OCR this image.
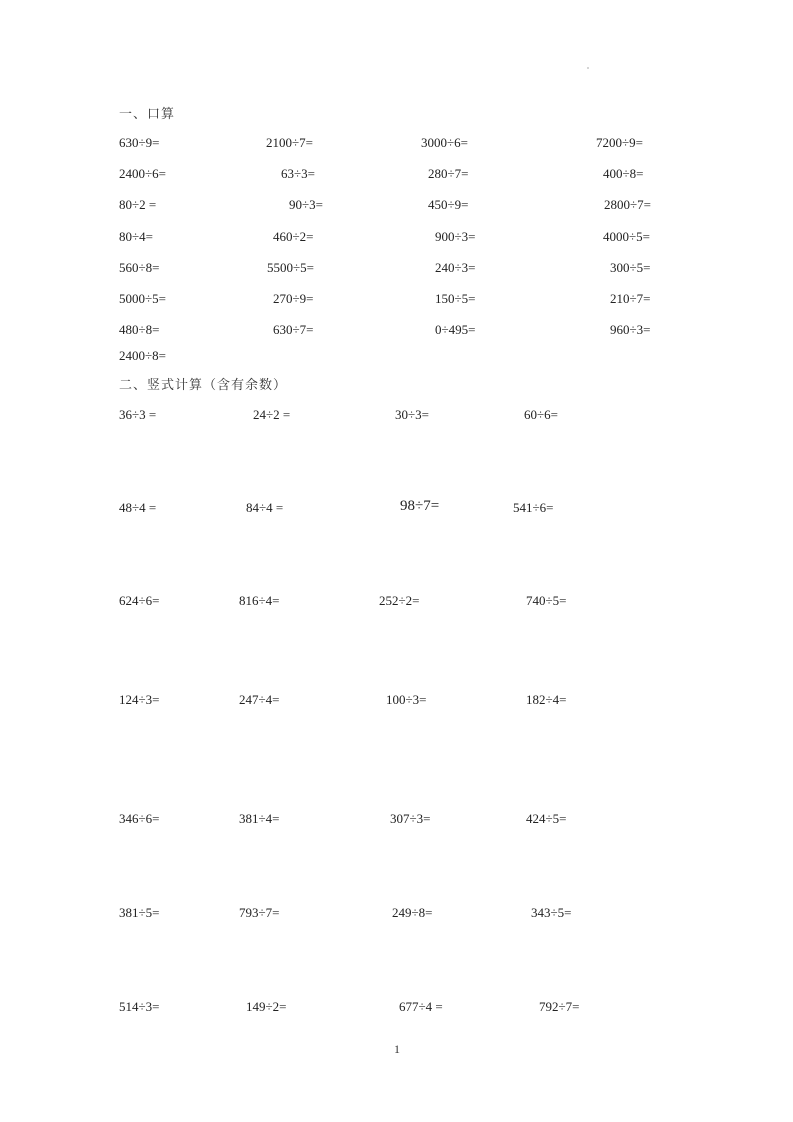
一、口算
630÷9=	2100÷7=	3000÷6=	7200÷9=
2400÷6=	63÷3=	280÷7=	400÷8=
80÷2 =	90÷3=	450÷9=	2800÷7=
80÷4=	460÷2=	900÷3=	4000÷5=
560÷8=	5500÷5=	240÷3=	300÷5=
5000÷5=	270÷9=	150÷5=	210÷7=
480÷8=	630÷7=	0÷495=	960÷3=
2400÷8=
二、竖式计算（含有余数）
36÷3 =	24÷2 =	30÷3=	60÷6=
48÷4 =	84÷4 =	98÷7=	541÷6=
624÷6=	816÷4=	252÷2=	740÷5=
124÷3=	247÷4=	100÷3=	182÷4=
346÷6=	381÷4=	307÷3=	424÷5=
381÷5=	793÷7=	249÷8=	343÷5=
514÷3=	149÷2=	677÷4 =	792÷7=
1
